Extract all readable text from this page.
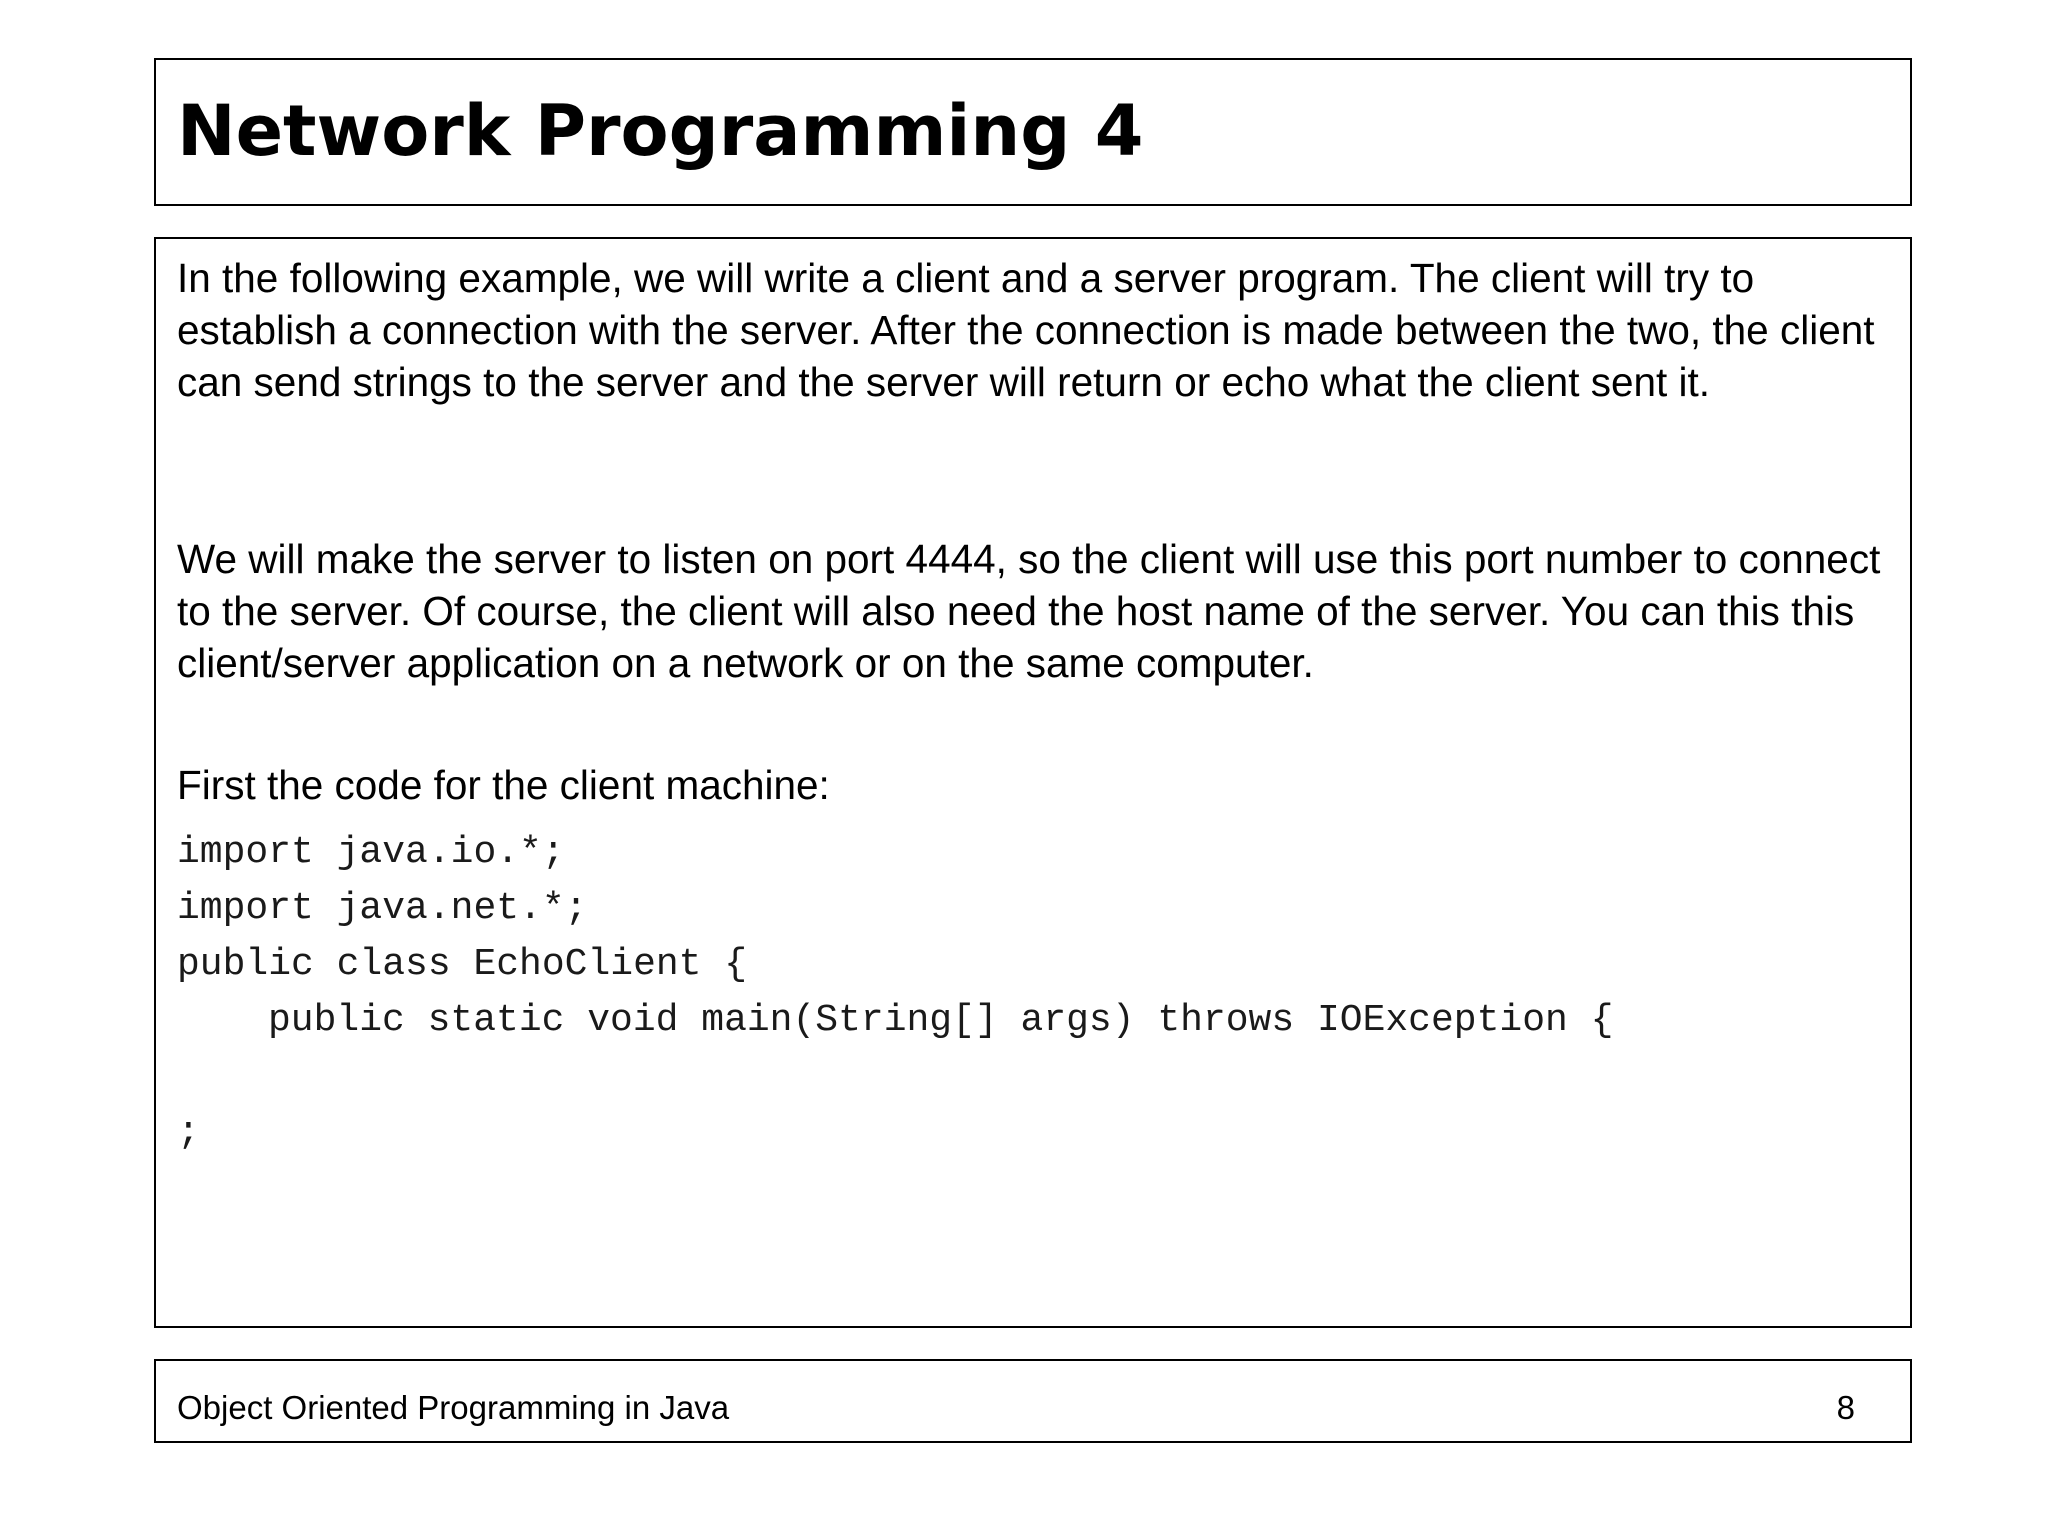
Network Programming 4

In the following example, we will write a client and a server program. The client will try to establish a connection with the server. After the connection is made between the two, the client can send strings to the server and the server will return or echo what the client sent it.

We will make the server to listen on port 4444, so the client will use this port number to connect to the server. Of course, the client will also need the host name of the server. You can this this client/server application on a network or on the same computer.

First the code for the client machine:

import java.io.*;
import java.net.*;
public class EchoClient {
public static void main(String[] args) throws IOException {
;
Object Oriented Programming in Java	8
